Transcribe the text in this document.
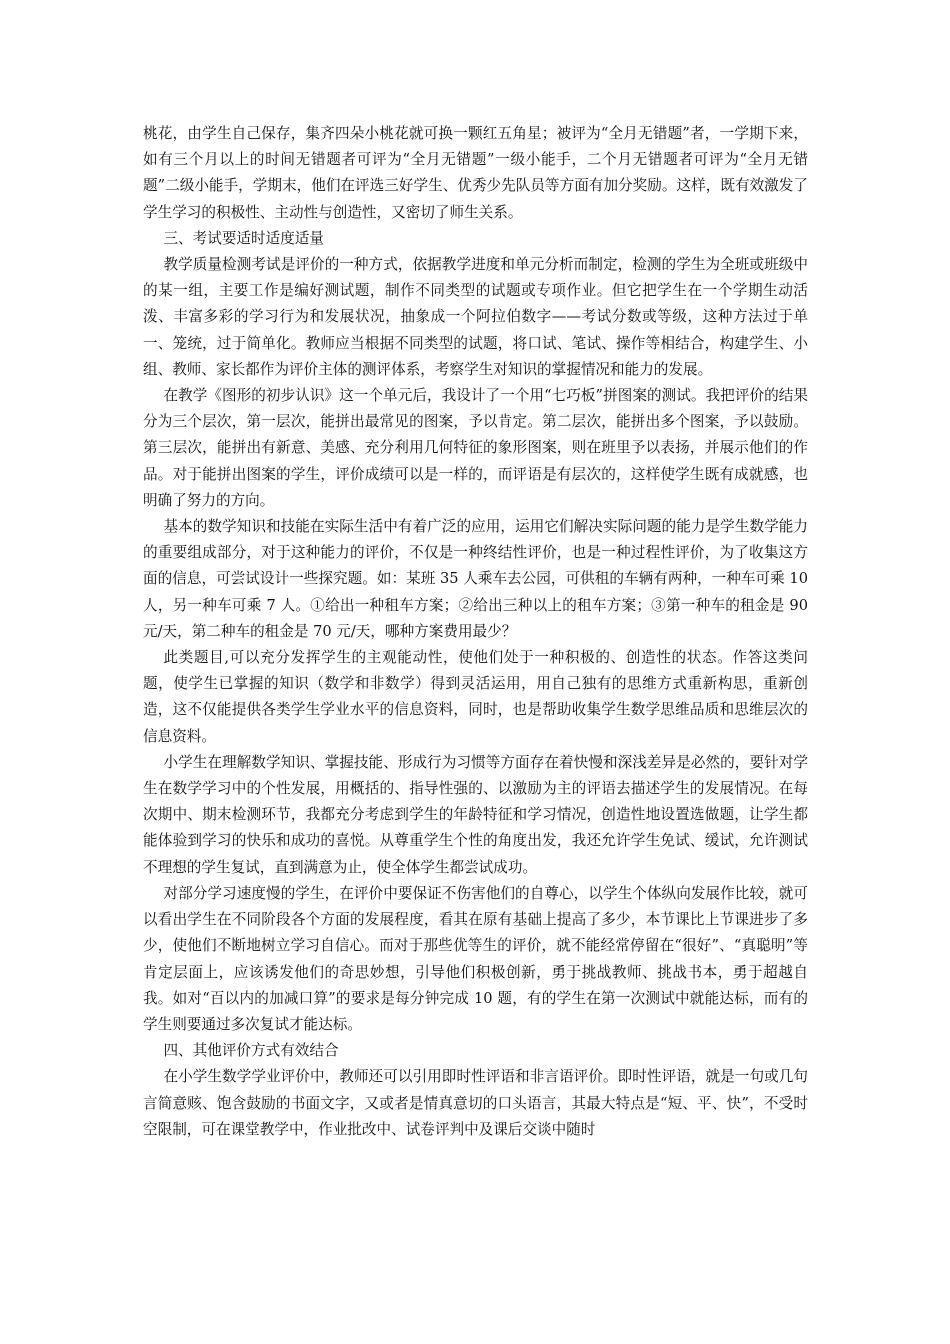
桃花，由学生自己保存，集齐四朵小桃花就可换一颗红五角星；被评为“全月无错题”者，一学期下来，如有三个月以上的时间无错题者可评为“全月无错题”一级小能手，二个月无错题者可评为“全月无错题”二级小能手，学期末，他们在评选三好学生、优秀少先队员等方面有加分奖励。这样，既有效激发了学生学习的积极性、主动性与创造性，又密切了师生关系。

三、考试要适时适度适量

教学质量检测考试是评价的一种方式，依据教学进度和单元分析而制定，检测的学生为全班或班级中的某一组，主要工作是编好测试题，制作不同类型的试题或专项作业。但它把学生在一个学期生动活泼、丰富多彩的学习行为和发展状况，抽象成一个阿拉伯数字——考试分数或等级，这种方法过于单一、笼统，过于简单化。教师应当根据不同类型的试题，将口试、笔试、操作等相结合，构建学生、小组、教师、家长都作为评价主体的测评体系，考察学生对知识的掌握情况和能力的发展。

在教学《图形的初步认识》这一个单元后，我设计了一个用“七巧板”拼图案的测试。我把评价的结果分为三个层次，第一层次，能拼出最常见的图案，予以肯定。第二层次，能拼出多个图案，予以鼓励。第三层次，能拼出有新意、美感、充分利用几何特征的象形图案，则在班里予以表扬，并展示他们的作品。对于能拼出图案的学生，评价成绩可以是一样的，而评语是有层次的，这样使学生既有成就感，也明确了努力的方向。

基本的数学知识和技能在实际生活中有着广泛的应用，运用它们解决实际问题的能力是学生数学能力的重要组成部分，对于这种能力的评价，不仅是一种终结性评价，也是一种过程性评价，为了收集这方面的信息，可尝试设计一些探究题。如：某班 35 人乘车去公园，可供租的车辆有两种，一种车可乘 10 人，另一种车可乘 7 人。①给出一种租车方案；②给出三种以上的租车方案；③第一种车的租金是 90 元/天，第二种车的租金是 70 元/天，哪种方案费用最少？

此类题目,可以充分发挥学生的主观能动性，使他们处于一种积极的、创造性的状态。作答这类问题，使学生已掌握的知识（数学和非数学）得到灵活运用，用自己独有的思维方式重新构思，重新创造，这不仅能提供各类学生学业水平的信息资料，同时，也是帮助收集学生数学思维品质和思维层次的信息资料。

小学生在理解数学知识、掌握技能、形成行为习惯等方面存在着快慢和深浅差异是必然的，要针对学生在数学学习中的个性发展，用概括的、指导性强的、以激励为主的评语去描述学生的发展情况。在每次期中、期末检测环节，我都充分考虑到学生的年龄特征和学习情况，创造性地设置选做题，让学生都能体验到学习的快乐和成功的喜悦。从尊重学生个性的角度出发，我还允许学生免试、缓试，允许测试不理想的学生复试，直到满意为止，使全体学生都尝试成功。

对部分学习速度慢的学生，在评价中要保证不伤害他们的自尊心，以学生个体纵向发展作比较，就可以看出学生在不同阶段各个方面的发展程度，看其在原有基础上提高了多少，本节课比上节课进步了多少，使他们不断地树立学习自信心。而对于那些优等生的评价，就不能经常停留在“很好”、“真聪明”等肯定层面上，应该诱发他们的奇思妙想，引导他们积极创新，勇于挑战教师、挑战书本，勇于超越自我。如对“百以内的加减口算”的要求是每分钟完成 10 题，有的学生在第一次测试中就能达标，而有的学生则要通过多次复试才能达标。

四、其他评价方式有效结合

在小学生数学学业评价中，教师还可以引用即时性评语和非言语评价。即时性评语，就是一句或几句言简意赅、饱含鼓励的书面文字，又或者是情真意切的口头语言，其最大特点是“短、平、快”，不受时空限制，可在课堂教学中，作业批改中、试卷评判中及课后交谈中随时
